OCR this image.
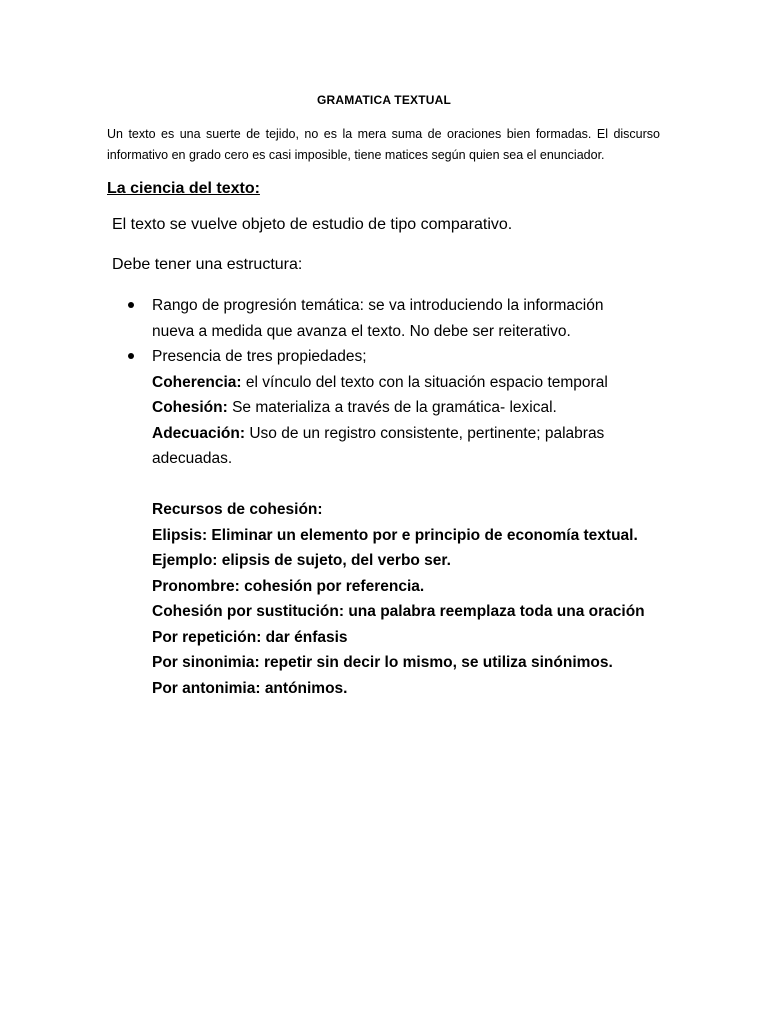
GRAMATICA TEXTUAL
Un texto es una suerte de tejido, no es la mera suma de oraciones bien formadas. El discurso informativo en grado cero es casi imposible, tiene matices según quien sea el enunciador.
La ciencia del texto:
El texto se vuelve objeto de estudio de tipo comparativo.
Debe tener una estructura:
Rango de progresión temática: se va introduciendo la información nueva a medida que avanza el texto. No debe ser reiterativo.
Presencia de tres propiedades;
Coherencia: el vínculo del texto con la situación espacio temporal
Cohesión: Se materializa a través de la gramática- lexical.
Adecuación: Uso de un registro consistente, pertinente; palabras adecuadas.
Recursos de cohesión:
Elipsis: Eliminar un elemento por e principio de economía textual.
Ejemplo: elipsis de sujeto, del verbo ser.
Pronombre: cohesión por referencia.
Cohesión por sustitución: una palabra reemplaza toda una oración
Por repetición: dar énfasis
Por sinonimia: repetir sin decir lo mismo, se utiliza sinónimos.
Por antonimia: antónimos.
